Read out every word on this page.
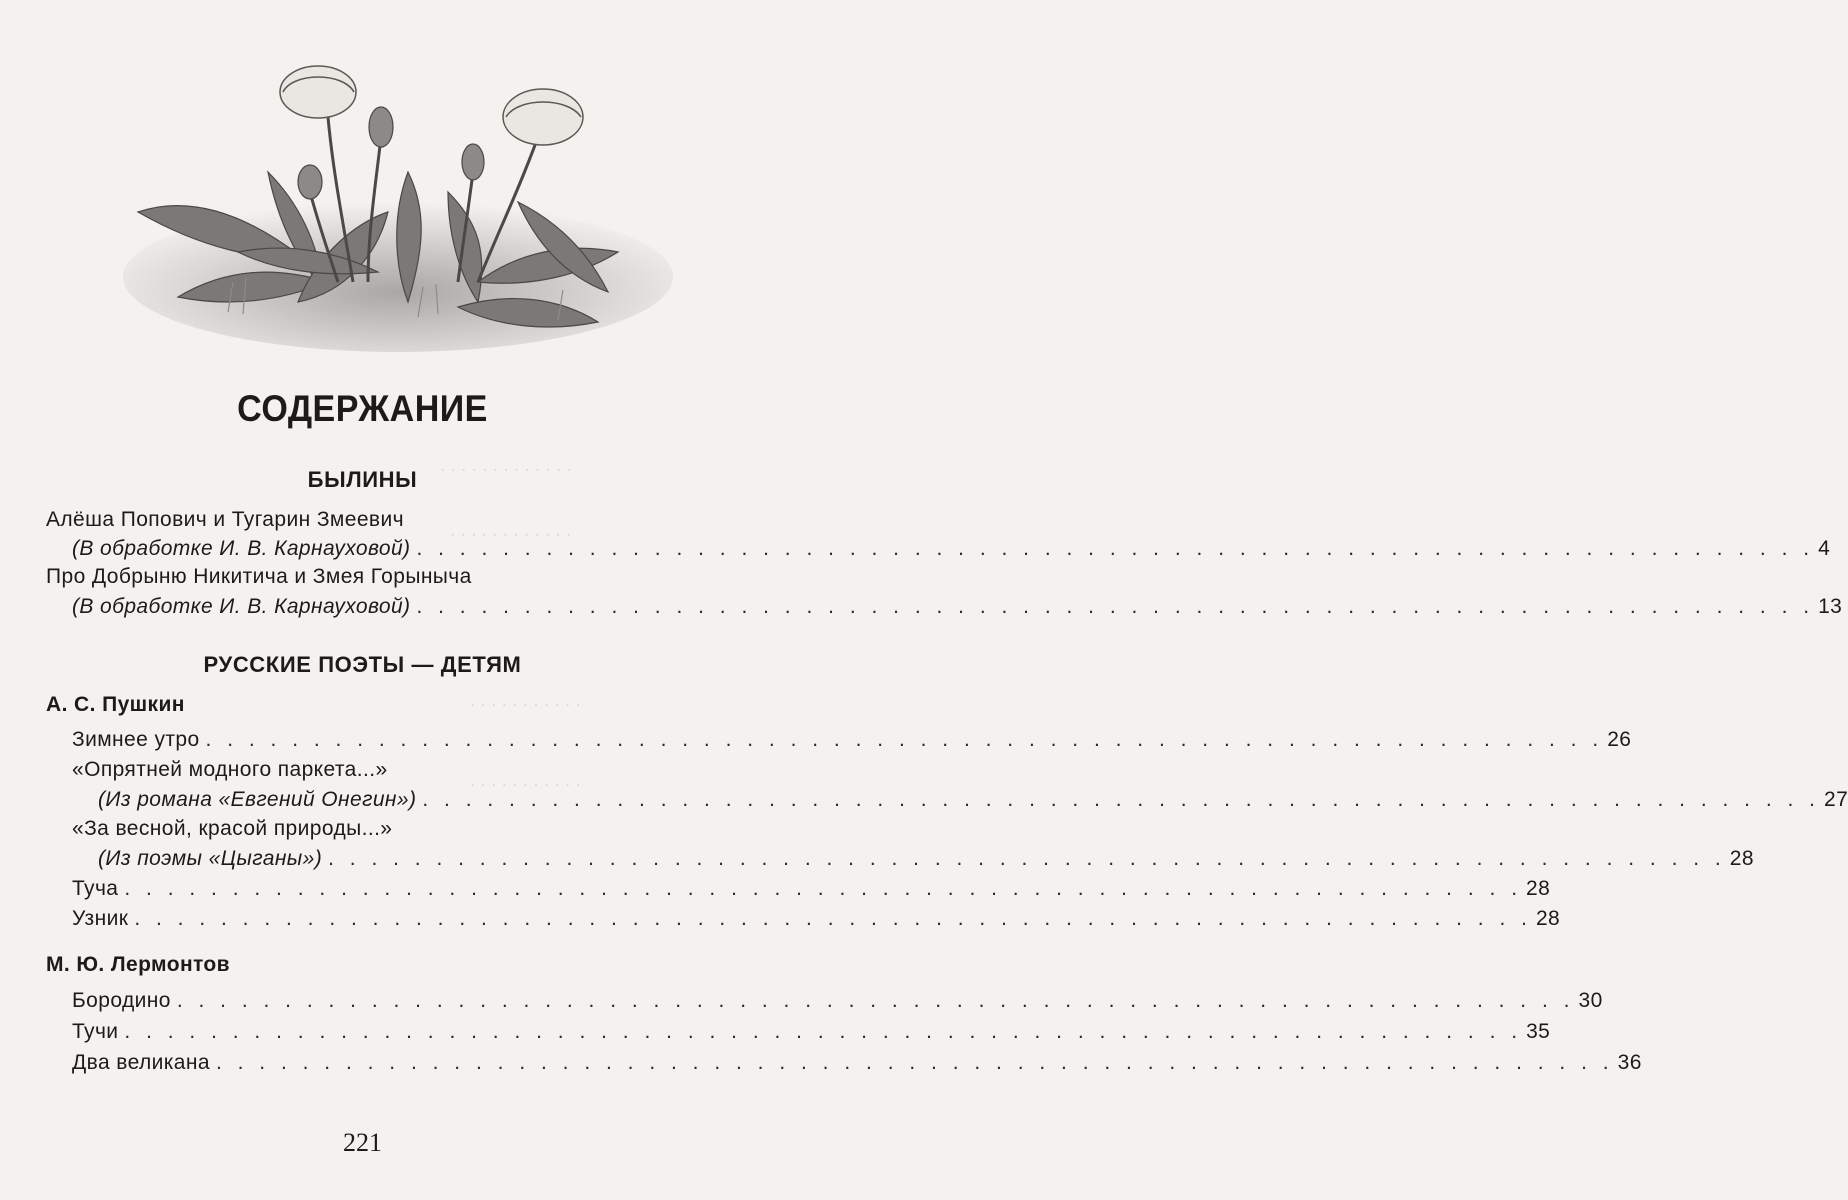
. . . . . . . . . . . . .
. . . . . . . . . . . .
. . . . . . . . . . .
. . . . . . . . . . .
СОДЕРЖАНИЕ
БЫЛИНЫ
Алёша Попович и Тугарин Змеевич
(В обработке И. В. Карнауховой) . . . . . . . . . . . . . . . . . . . . . . . . . . . . . . . . . . . . . . . . . . . . . . . . . . . . . . . . . . . . . . . . . 4
Про Добрыню Никитича и Змея Горыныча
(В обработке И. В. Карнауховой) . . . . . . . . . . . . . . . . . . . . . . . . . . . . . . . . . . . . . . . . . . . . . . . . . . . . . . . . . . . . . . . . . 13
РУССКИЕ ПОЭТЫ — ДЕТЯМ
А. С. Пушкин
Зимнее утро . . . . . . . . . . . . . . . . . . . . . . . . . . . . . . . . . . . . . . . . . . . . . . . . . . . . . . . . . . . . . . . . . 26
«Опрятней модного паркета...»
(Из романа «Евгений Онегин») . . . . . . . . . . . . . . . . . . . . . . . . . . . . . . . . . . . . . . . . . . . . . . . . . . . . . . . . . . . . . . . . . 27
«За весной, красой природы...»
(Из поэмы «Цыганы») . . . . . . . . . . . . . . . . . . . . . . . . . . . . . . . . . . . . . . . . . . . . . . . . . . . . . . . . . . . . . . . . . 28
Туча . . . . . . . . . . . . . . . . . . . . . . . . . . . . . . . . . . . . . . . . . . . . . . . . . . . . . . . . . . . . . . . . . 28
Узник . . . . . . . . . . . . . . . . . . . . . . . . . . . . . . . . . . . . . . . . . . . . . . . . . . . . . . . . . . . . . . . . . 28
М. Ю. Лермонтов
Бородино . . . . . . . . . . . . . . . . . . . . . . . . . . . . . . . . . . . . . . . . . . . . . . . . . . . . . . . . . . . . . . . . . 30
Тучи . . . . . . . . . . . . . . . . . . . . . . . . . . . . . . . . . . . . . . . . . . . . . . . . . . . . . . . . . . . . . . . . . 35
Два великана . . . . . . . . . . . . . . . . . . . . . . . . . . . . . . . . . . . . . . . . . . . . . . . . . . . . . . . . . . . . . . . . . 36
221
